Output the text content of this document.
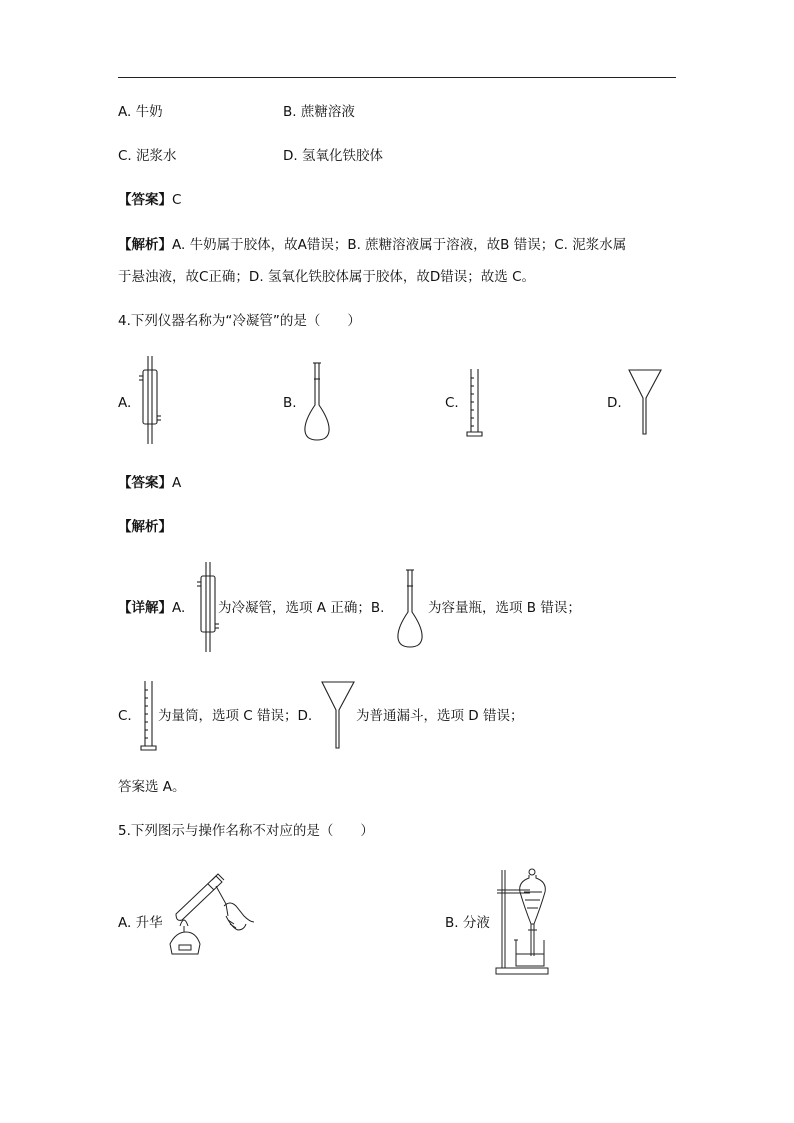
A. 牛奶	B. 蔗糖溶液
C. 泥浆水	D. 氢氧化铁胶体
【答案】C
【解析】A. 牛奶属于胶体，故A错误；B. 蔗糖溶液属于溶液，故B 错误；C. 泥浆水属
于悬浊液，故C正确；D. 氢氧化铁胶体属于胶体，故D错误；故选 C。
4.下列仪器名称为“冷凝管”的是（　　）
A.	B.	C.	D.
【答案】A
【解析】
【详解】A. 为冷凝管，选项 A 正确；B.	为容量瓶，选项 B 错误；
C. 为量筒，选项 C 错误；D.	为普通漏斗，选项 D 错误；
答案选 A。
5.下列图示与操作名称不对应的是（　　）
A. 升华	B. 分液
